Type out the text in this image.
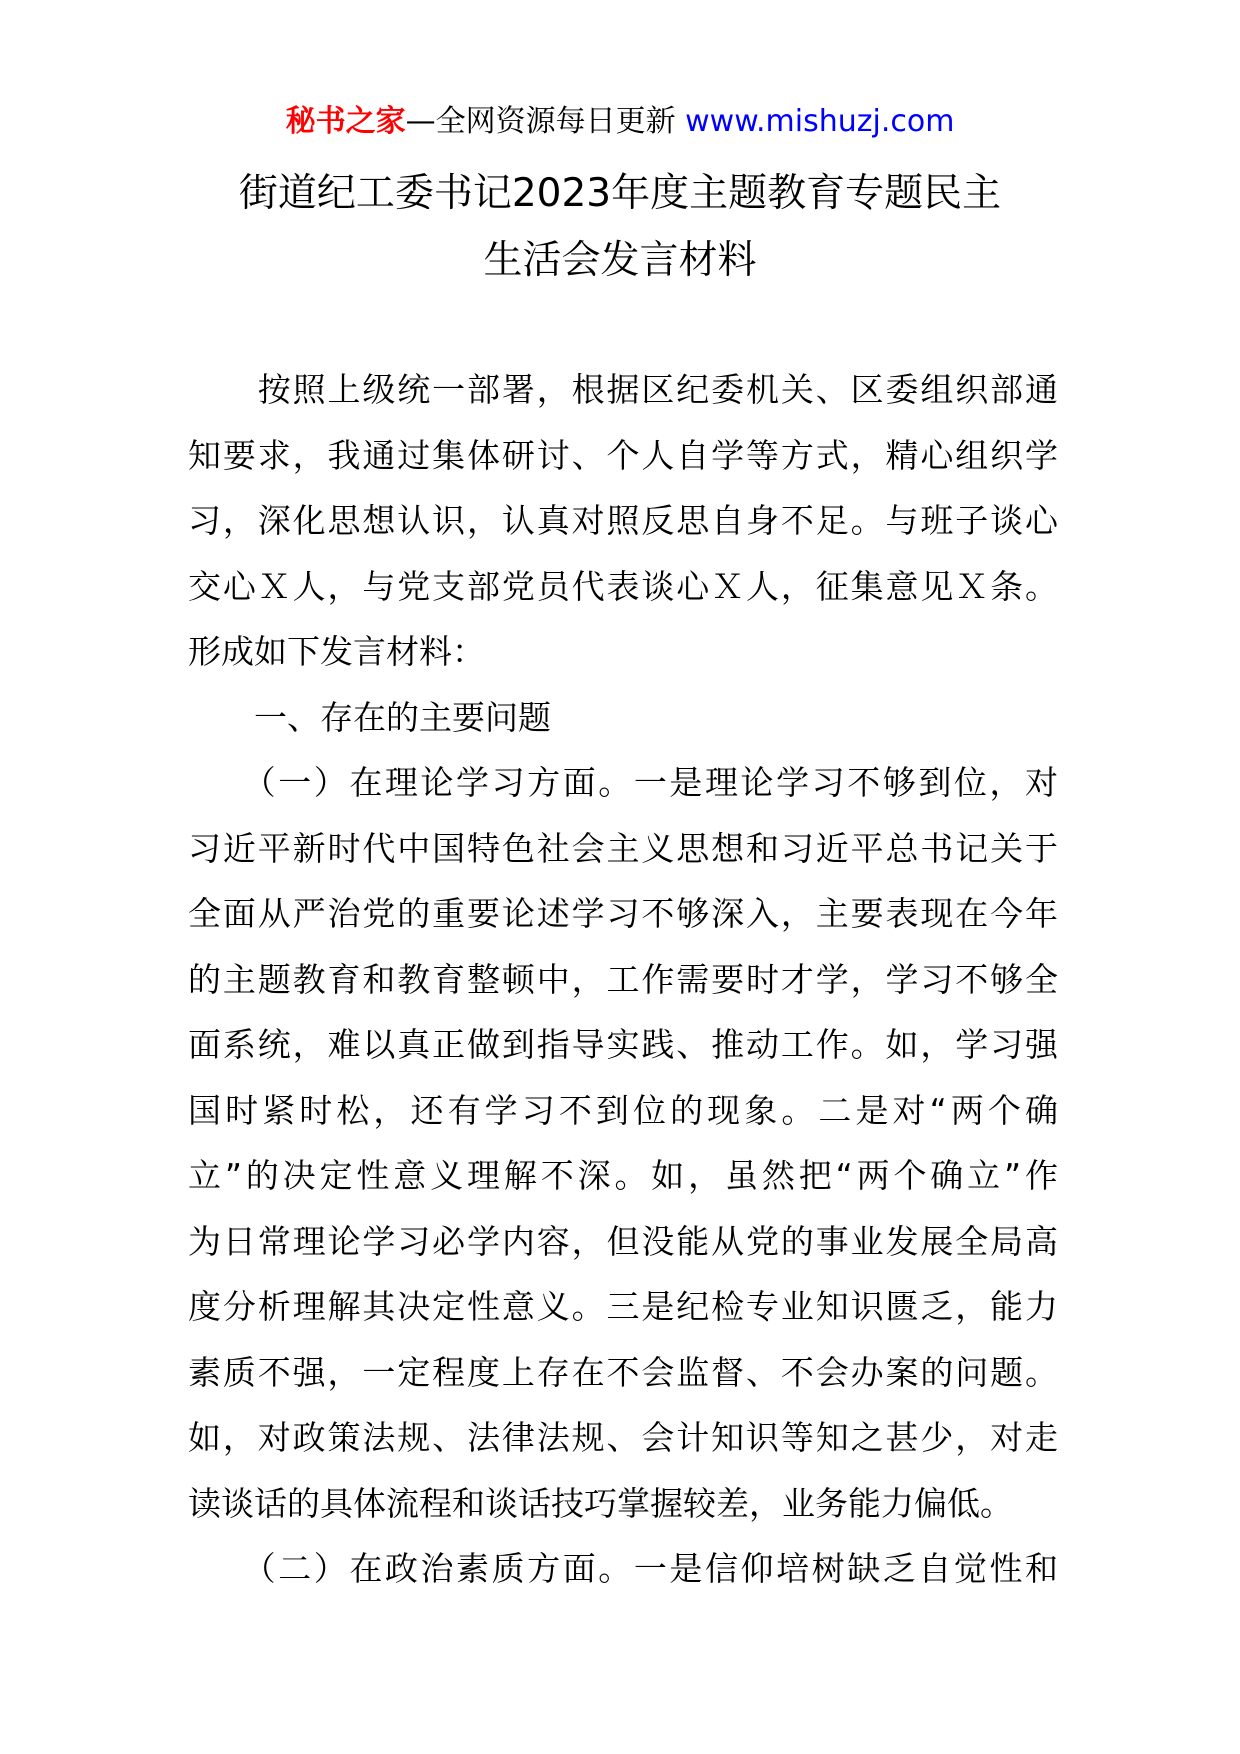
秘书之家—全网资源每日更新 www.mishuzj.com
街道纪工委书记2023年度主题教育专题民主
生活会发言材料
　　按照上级统一部署，根据区纪委机关、区委组织部通
知要求，我通过集体研讨、个人自学等方式，精心组织学
习，深化思想认识，认真对照反思自身不足。与班子谈心
交心Ｘ人，与党支部党员代表谈心Ｘ人，征集意见Ｘ条。
形成如下发言材料：
　　一、存在的主要问题
　　（一）在理论学习方面。一是理论学习不够到位，对
习近平新时代中国特色社会主义思想和习近平总书记关于
全面从严治党的重要论述学习不够深入，主要表现在今年
的主题教育和教育整顿中，工作需要时才学，学习不够全
面系统，难以真正做到指导实践、推动工作。如，学习强
国时紧时松，还有学习不到位的现象。二是对“两个确
立”的决定性意义理解不深。如，虽然把“两个确立”作
为日常理论学习必学内容，但没能从党的事业发展全局高
度分析理解其决定性意义。三是纪检专业知识匮乏，能力
素质不强，一定程度上存在不会监督、不会办案的问题。
如，对政策法规、法律法规、会计知识等知之甚少，对走
读谈话的具体流程和谈话技巧掌握较差，业务能力偏低。
　　（二）在政治素质方面。一是信仰培树缺乏自觉性和
